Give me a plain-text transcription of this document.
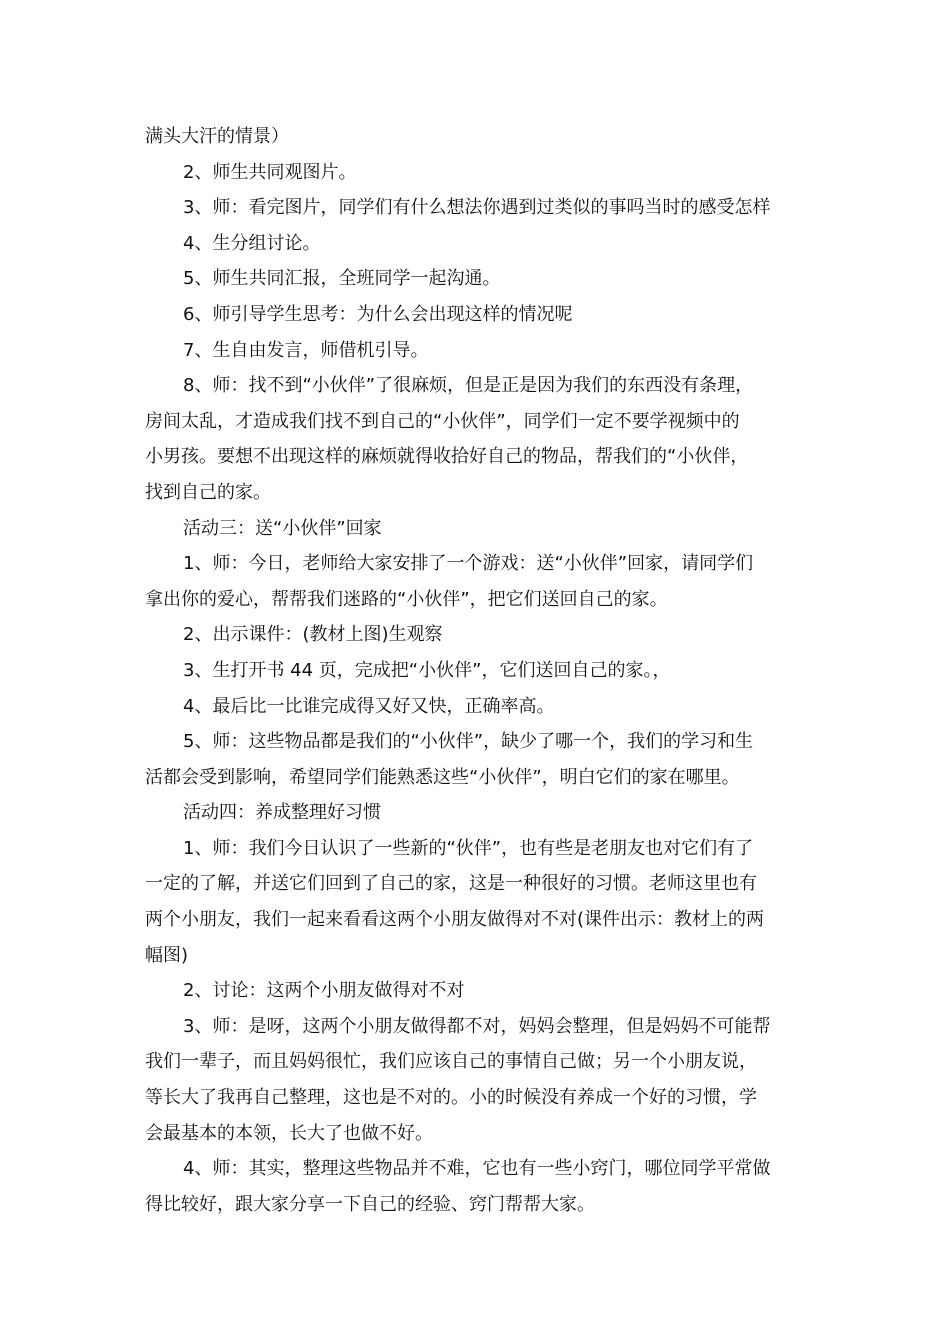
满头大汗的情景）
2、师生共同观图片。
3、师：看完图片，同学们有什么想法你遇到过类似的事吗当时的感受怎样
4、生分组讨论。
5、师生共同汇报，全班同学一起沟通。
6、师引导学生思考：为什么会出现这样的情况呢
7、生自由发言，师借机引导。
8、师：找不到“小伙伴”了很麻烦，但是正是因为我们的东西没有条理，
房间太乱，才造成我们找不到自己的“小伙伴”，同学们一定不要学视频中的
小男孩。要想不出现这样的麻烦就得收拾好自己的物品，帮我们的“小伙伴，
找到自己的家。
活动三：送“小伙伴”回家
1、师：今日，老师给大家安排了一个游戏：送“小伙伴”回家，请同学们
拿出你的爱心，帮帮我们迷路的“小伙伴”，把它们送回自己的家。
2、出示课件：(教材上图)生观察
3、生打开书 44 页，完成把“小伙伴”，它们送回自己的家。，
4、最后比一比谁完成得又好又快，正确率高。
5、师：这些物品都是我们的“小伙伴”，缺少了哪一个，我们的学习和生
活都会受到影响，希望同学们能熟悉这些“小伙伴”，明白它们的家在哪里。
活动四：养成整理好习惯
1、师：我们今日认识了一些新的“伙伴”，也有些是老朋友也对它们有了
一定的了解，并送它们回到了自己的家，这是一种很好的习惯。老师这里也有
两个小朋友，我们一起来看看这两个小朋友做得对不对(课件出示：教材上的两
幅图)
2、讨论：这两个小朋友做得对不对
3、师：是呀，这两个小朋友做得都不对，妈妈会整理，但是妈妈不可能帮
我们一辈子，而且妈妈很忙，我们应该自己的事情自己做；另一个小朋友说，
等长大了我再自己整理，这也是不对的。小的时候没有养成一个好的习惯，学
会最基本的本领，长大了也做不好。
4、师：其实，整理这些物品并不难，它也有一些小窍门，哪位同学平常做
得比较好，跟大家分享一下自己的经验、窍门帮帮大家。
